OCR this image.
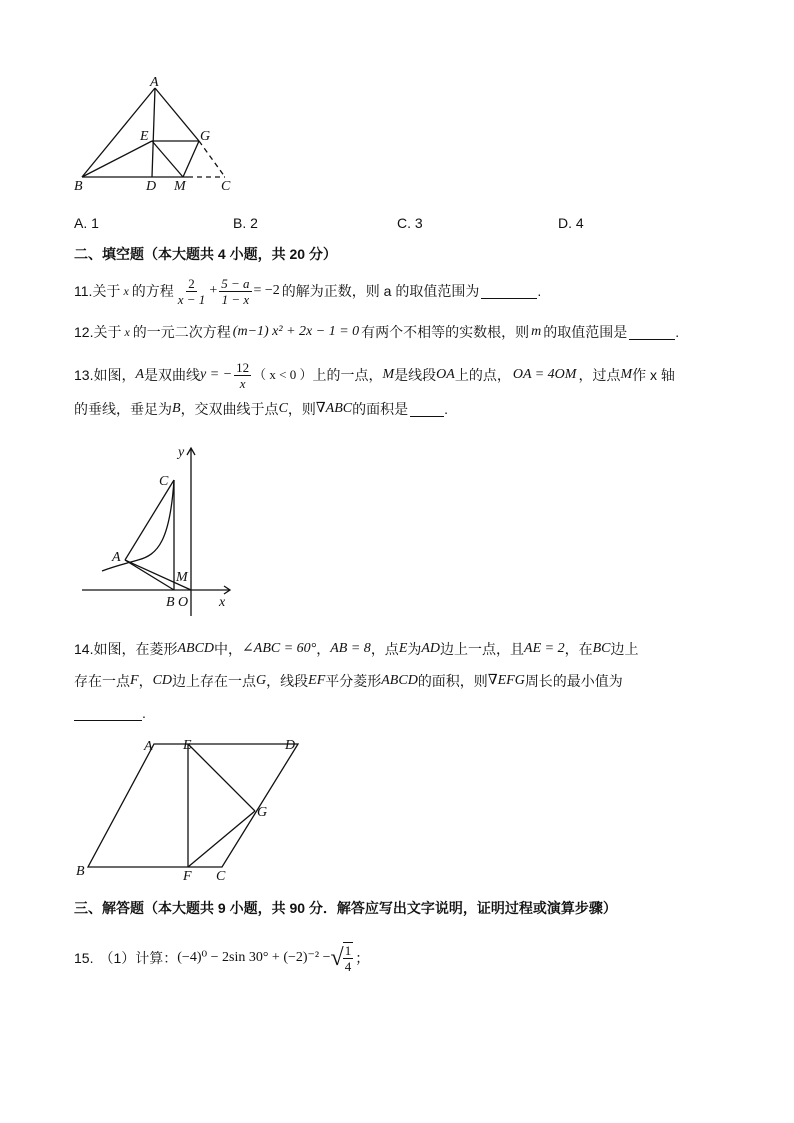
A
E	G
B	D M	C
A. 1	B. 2	C. 3	D. 4
二、填空题（本大题共 4 小题，共 20 分）
11. 关于 x 的方程 $\frac{2}{x - 1} + \frac{5 - a}{1 - x} = -2$ 的解为正数，则 a 的取值范围为	.
12. 关于 x 的一元二次方程 (m−1) x² + 2x − 1 = 0 有两个不相等的实数根，则 m 的取值范围是	.
13. 如图， A 是双曲线 y = − $\frac{12}{x}$ （ x < 0 ） 上的一点， M 是线段 OA 上的点， OA = 4OM ，过点 M 作 x 轴
的垂线，垂足为 B ，交双曲线于点 C ，则 ∇ABC 的面积是	.
y
C
A
M
B O x
14. 如图，在菱形 ABCD 中， ∠ABC = 60° ， AB = 8 ，点 E 为 AD 边上一点，且 AE = 2 ，在 BC 边上
存在一点 F ， CD 边上存在一点 G ，线段 EF 平分菱形 ABCD 的面积，则 ∇EFG 周长的最小值为
.
A E	D
G
B	F C
三、解答题（本大题共 9 小题，共 90 分．解答应写出文字说明，证明过程或演算步骤）
15. （1）计算： (−4)⁰ − 2sin 30° + (−2)⁻² − √ $\frac{1}{4}$ ；
